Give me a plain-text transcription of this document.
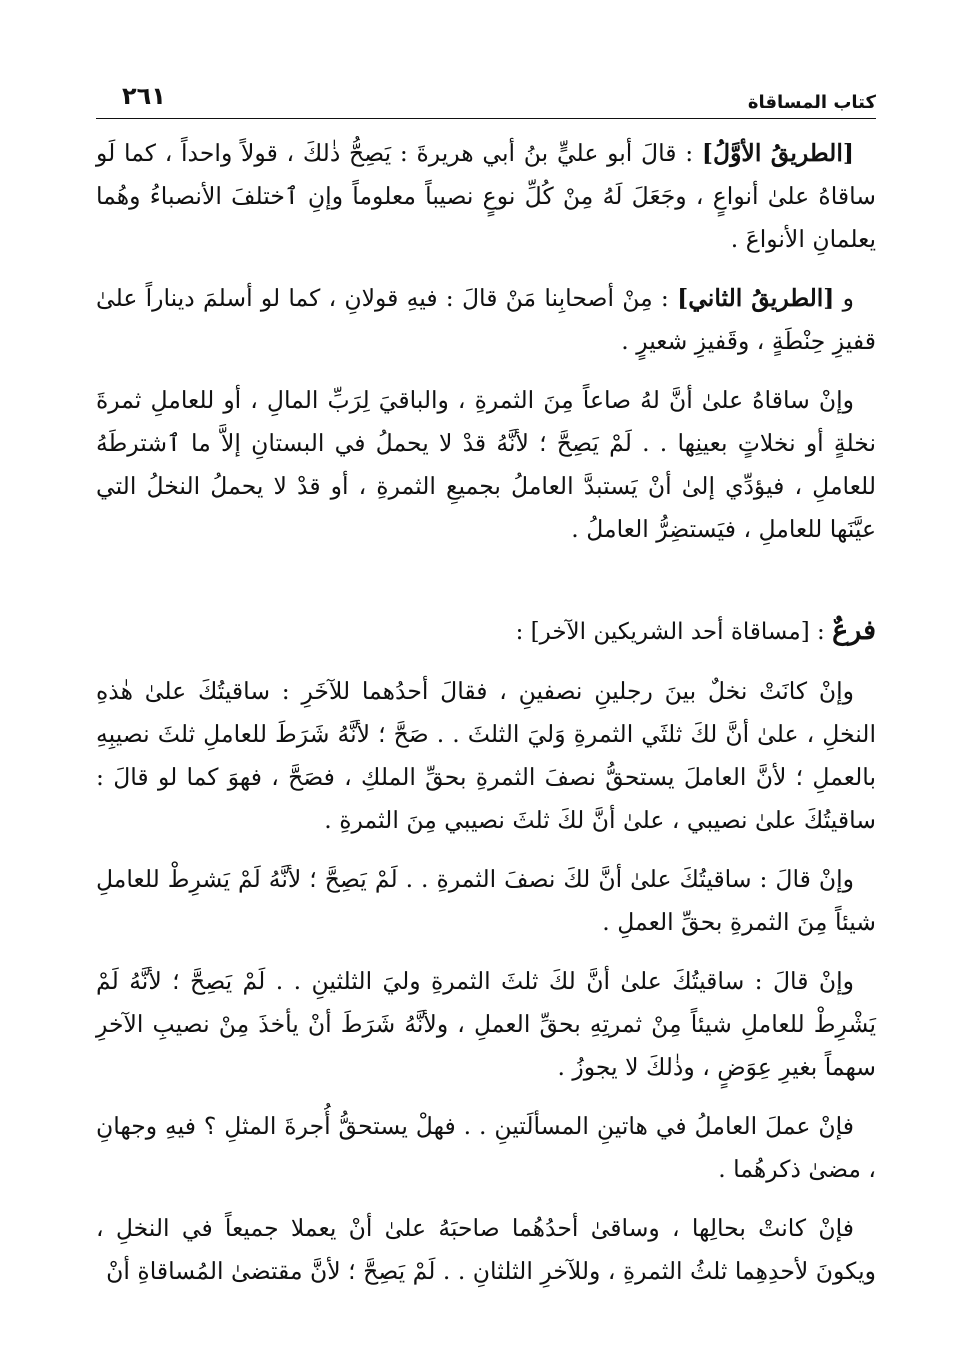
كتاب المساقاة
٢٦١

[الطريقُ الأوَّلُ] : قالَ أبو عليٍّ بنُ أبي هريرةَ : يَصِحُّ ذٰلكَ ، قولاً واحداً ، كما لَو ساقاهُ علىٰ أنواعٍ ، وجَعَلَ لَهُ مِنْ كُلِّ نوعٍ نصيباً معلوماً وإنِ ٱختلفَ الأنصباءُ وهُما يعلمانِ الأنواعَ .

و [الطريقُ الثاني] : مِنْ أصحابِنا مَنْ قالَ : فيهِ قولانِ ، كما لو أسلمَ ديناراً علىٰ قفيزِ حِنْطَةٍ ، وقَفيزِ شعيرٍ .

وإنْ ساقاهُ علىٰ أنَّ لهُ صاعاً مِنَ الثمرةِ ، والباقيَ لِرَبِّ المالِ ، أو للعاملِ ثمرةَ نخلةٍ أو نخلاتٍ بعينِها . . لَمْ يَصِحَّ ؛ لأنَّهُ قدْ لا يحملُ في البستانِ إلاَّ ما ٱشترطَهُ للعاملِ ، فيؤدِّي إلىٰ أنْ يَستبدَّ العاملُ بجميعِ الثمرةِ ، أو قدْ لا يحملُ النخلُ التي عيَّنَها للعاملِ ، فيَستضِرُّ العاملُ .

فرعٌ : [مساقاة أحد الشريكين الآخر] :

وإنْ كانَتْ نخلٌ بينَ رجلينِ نصفينِ ، فقالَ أحدُهما للآخَرِ : ساقيتُكَ علىٰ هٰذهِ النخلِ ، علىٰ أنَّ لكَ ثلثَي الثمرةِ وَليَ الثلثَ . . صَحَّ ؛ لأنَّهُ شَرَطَ للعاملِ ثلثَ نصيبِهِ بالعملِ ؛ لأنَّ العاملَ يستحقُّ نصفَ الثمرةِ بحقِّ الملكِ ، فصَحَّ ، فهوَ كما لو قالَ : ساقيتُكَ علىٰ نصيبي ، علىٰ أنَّ لكَ ثلثَ نصيبي مِنَ الثمرةِ .

وإنْ قالَ : ساقيتُكَ علىٰ أنَّ لكَ نصفَ الثمرةِ . . لَمْ يَصِحَّ ؛ لأنَّهُ لَمْ يَشرِطْ للعاملِ شيئاً مِنَ الثمرةِ بحقِّ العملِ .

وإنْ قالَ : ساقيتُكَ علىٰ أنَّ لكَ ثلثَ الثمرةِ وليَ الثلثينِ . . لَمْ يَصِحَّ ؛ لأنَّهُ لَمْ يَشْرِطْ للعاملِ شيئاً مِنْ ثمرتِهِ بحقِّ العملِ ، ولأنَّهُ شَرَطَ أنْ يأخذَ مِنْ نصيبِ الآخرِ سهماً بغيرِ عِوَضٍ ، وذٰلكَ لا يجوزُ .

فإنْ عملَ العاملُ في هاتينِ المسألَتينِ . . فهلْ يستحقُّ أُجرةَ المثلِ ؟ فيهِ وجهانِ ، مضىٰ ذكرهُما .

فإنْ كانتْ بحالِها ، وساقىٰ أحدُهُما صاحبَهُ علىٰ أنْ يعملا جميعاً في النخلِ ، ويكونَ لأحدِهِما ثلثُ الثمرةِ ، وللآخرِ الثلثانِ . . لَمْ يَصِحَّ ؛ لأنَّ مقتضىٰ المُساقاةِ أنْ
